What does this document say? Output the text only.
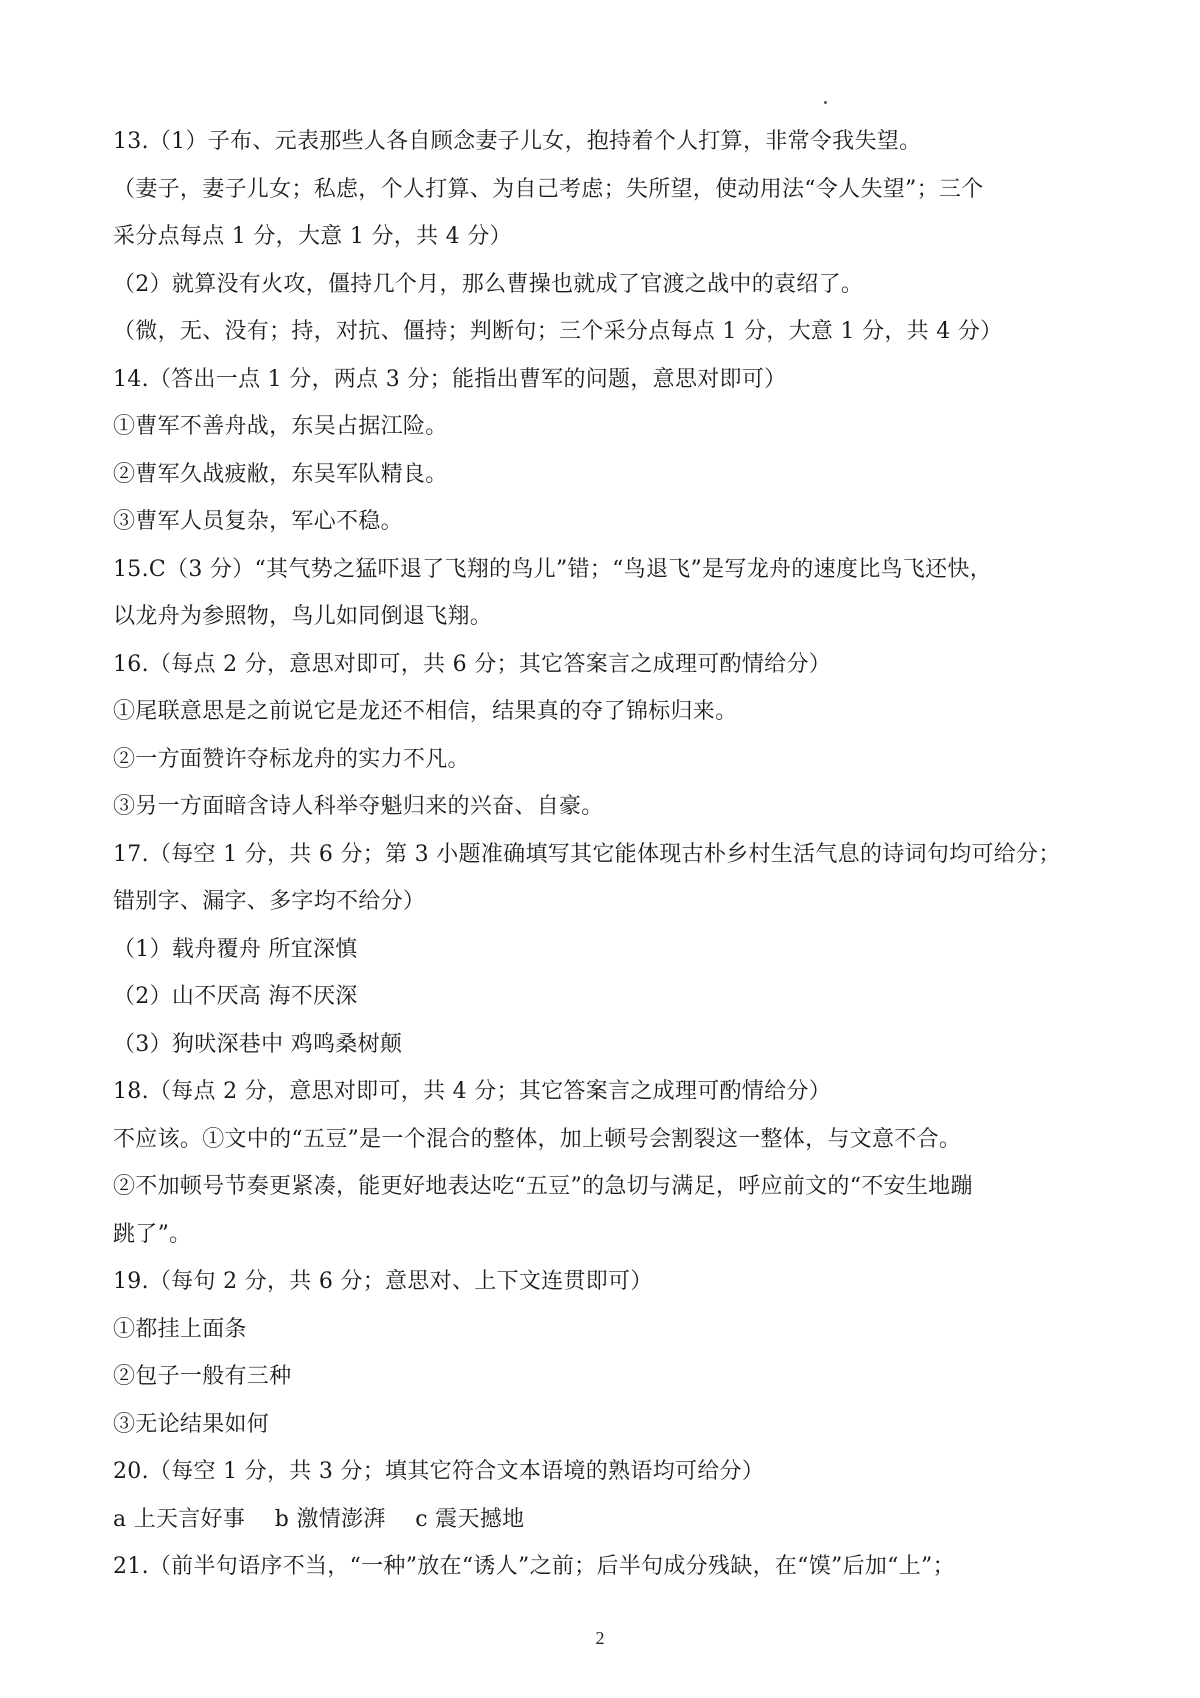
13.（1）子布、元表那些人各自顾念妻子儿女，抱持着个人打算，非常令我失望。
（妻子，妻子儿女；私虑，个人打算、为自己考虑；失所望，使动用法“令人失望”；三个
采分点每点 1 分，大意 1 分，共 4 分）
（2）就算没有火攻，僵持几个月，那么曹操也就成了官渡之战中的袁绍了。
（微，无、没有；持，对抗、僵持；判断句；三个采分点每点 1 分，大意 1 分，共 4 分）
14.（答出一点 1 分，两点 3 分；能指出曹军的问题，意思对即可）
①曹军不善舟战，东吴占据江险。
②曹军久战疲敝，东吴军队精良。
③曹军人员复杂，军心不稳。
15.C（3 分）“其气势之猛吓退了飞翔的鸟儿”错；“鸟退飞”是写龙舟的速度比鸟飞还快，
以龙舟为参照物，鸟儿如同倒退飞翔。
16.（每点 2 分，意思对即可，共 6 分；其它答案言之成理可酌情给分）
①尾联意思是之前说它是龙还不相信，结果真的夺了锦标归来。
②一方面赞许夺标龙舟的实力不凡。
③另一方面暗含诗人科举夺魁归来的兴奋、自豪。
17.（每空 1 分，共 6 分；第 3 小题准确填写其它能体现古朴乡村生活气息的诗词句均可给分；
错别字、漏字、多字均不给分）
（1）载舟覆舟 所宜深慎
（2）山不厌高 海不厌深
（3）狗吠深巷中 鸡鸣桑树颠
18.（每点 2 分，意思对即可，共 4 分；其它答案言之成理可酌情给分）
不应该。①文中的“五豆”是一个混合的整体，加上顿号会割裂这一整体，与文意不合。
②不加顿号节奏更紧凑，能更好地表达吃“五豆”的急切与满足，呼应前文的“不安生地蹦
跳了”。
19.（每句 2 分，共 6 分；意思对、上下文连贯即可）
①都挂上面条
②包子一般有三种
③无论结果如何
20.（每空 1 分，共 3 分；填其它符合文本语境的熟语均可给分）
a 上天言好事　 b 激情澎湃　 c 震天撼地
21.（前半句语序不当，“一种”放在“诱人”之前；后半句成分残缺，在“馍”后加“上”；
2
